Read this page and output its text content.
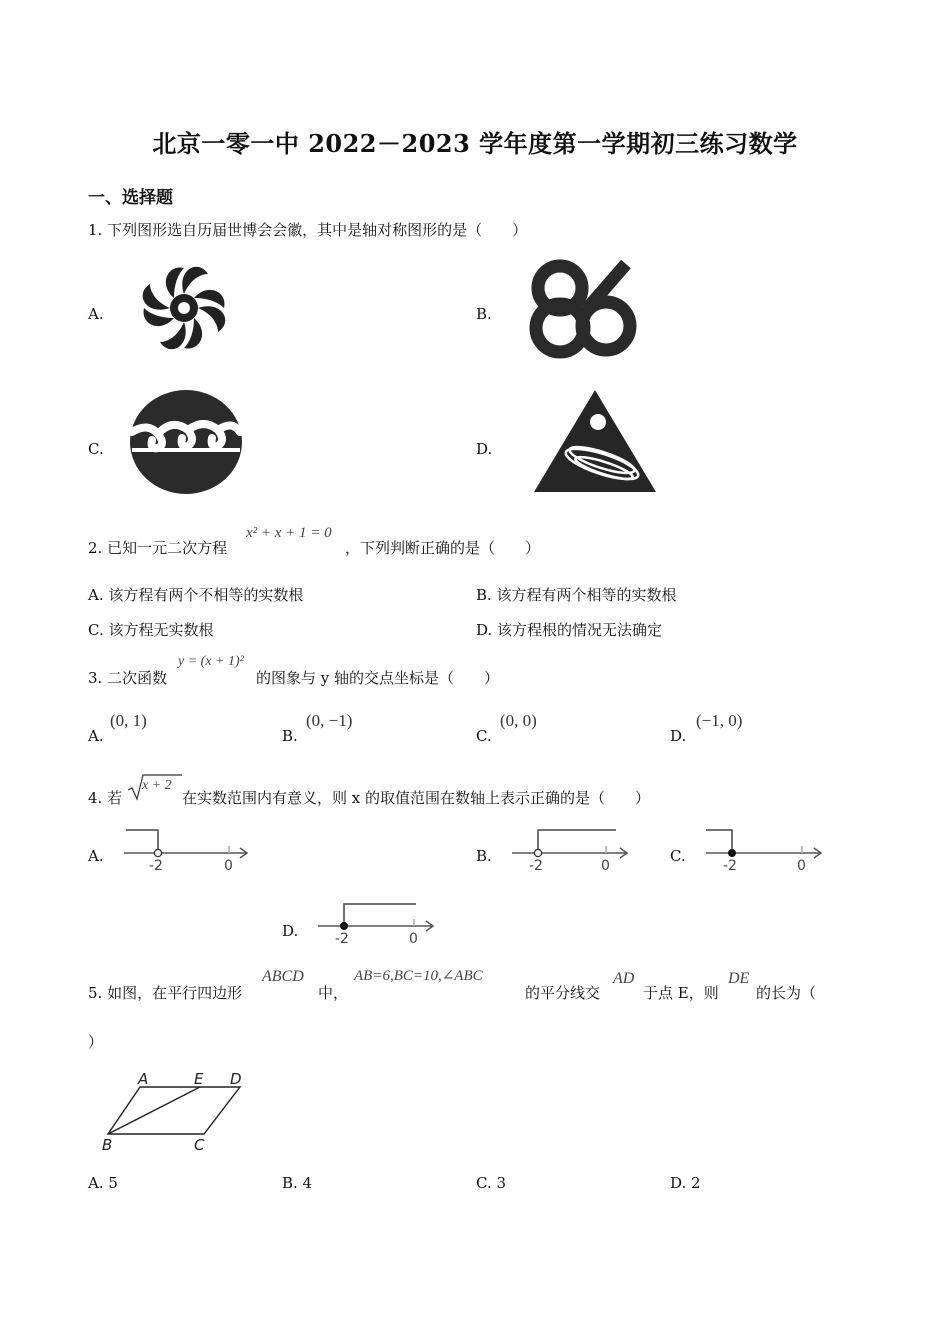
北京一零一中 2022－2023 学年度第一学期初三练习数学
一、选择题
1. 下列图形选自历届世博会会徽，其中是轴对称图形的是（　　）
A.	B.
C.	D.
2. 已知一元二次方程
x² + x + 1 = 0
，下列判断正确的是（　　）
A. 该方程有两个不相等的实数根	B. 该方程有两个相等的实数根
C. 该方程无实数根	D. 该方程根的情况无法确定
3. 二次函数
y = (x + 1)²
的图象与 y 轴的交点坐标是（　　）
A.
(0, 1)
B.
(0, −1)
C.
(0, 0)
D.
(−1, 0)
4. 若
x + 2
在实数范围内有意义，则 x 的取值范围在数轴上表示正确的是（　　）
A.
-2	0
B.
-2	0
C.
-2	0
D.	-2	0
5. 如图，在平行四边形
ABCD
中，
AB=6,BC=10,∠ABC
的平分线交
AD
于点 E，则
DE
的长为（
）
A	E D
B	C
A. 5	B. 4	C. 3	D. 2
